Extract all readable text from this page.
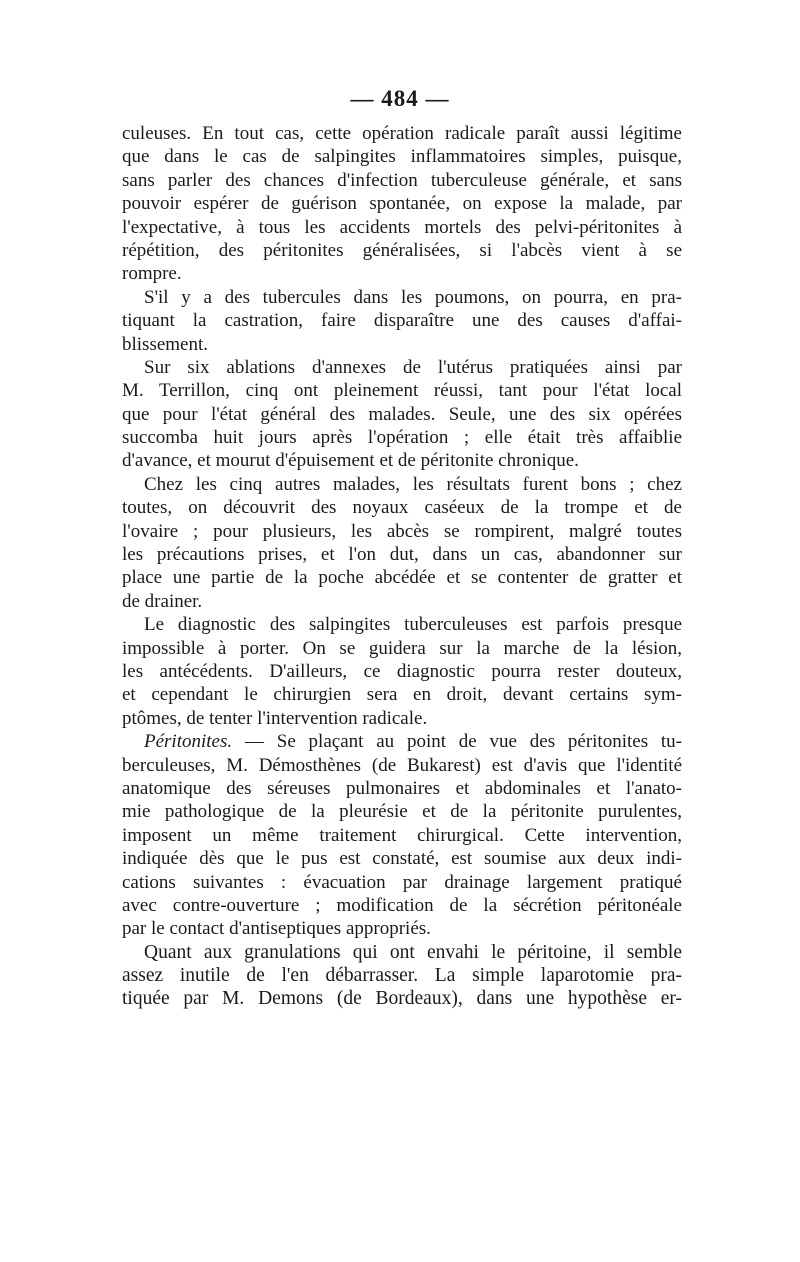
— 484 —
culeuses. En tout cas, cette opération radicale paraît aussi légitime
que dans le cas de salpingites inflammatoires simples, puisque,
sans parler des chances d'infection tuberculeuse générale, et sans
pouvoir espérer de guérison spontanée, on expose la malade, par
l'expectative, à tous les accidents mortels des pelvi-péritonites à
répétition, des péritonites généralisées, si l'abcès vient à se
rompre.
S'il y a des tubercules dans les poumons, on pourra, en pra-
tiquant la castration, faire disparaître une des causes d'affai-
blissement.
Sur six ablations d'annexes de l'utérus pratiquées ainsi par
M. Terrillon, cinq ont pleinement réussi, tant pour l'état local
que pour l'état général des malades. Seule, une des six opérées
succomba huit jours après l'opération ; elle était très affaiblie
d'avance, et mourut d'épuisement et de péritonite chronique.
Chez les cinq autres malades, les résultats furent bons ; chez
toutes, on découvrit des noyaux caséeux de la trompe et de
l'ovaire ; pour plusieurs, les abcès se rompirent, malgré toutes
les précautions prises, et l'on dut, dans un cas, abandonner sur
place une partie de la poche abcédée et se contenter de gratter et
de drainer.
Le diagnostic des salpingites tuberculeuses est parfois presque
impossible à porter. On se guidera sur la marche de la lésion,
les antécédents. D'ailleurs, ce diagnostic pourra rester douteux,
et cependant le chirurgien sera en droit, devant certains sym-
ptômes, de tenter l'intervention radicale.
Péritonites. — Se plaçant au point de vue des péritonites tu-
berculeuses, M. Démosthènes (de Bukarest) est d'avis que l'identité
anatomique des séreuses pulmonaires et abdominales et l'anato-
mie pathologique de la pleurésie et de la péritonite purulentes,
imposent un même traitement chirurgical. Cette intervention,
indiquée dès que le pus est constaté, est soumise aux deux indi-
cations suivantes : évacuation par drainage largement pratiqué
avec contre-ouverture ; modification de la sécrétion péritonéale
par le contact d'antiseptiques appropriés.
Quant aux granulations qui ont envahi le péritoine, il semble
assez inutile de l'en débarrasser. La simple laparotomie pra-
tiquée par M. Demons (de Bordeaux), dans une hypothèse er-
